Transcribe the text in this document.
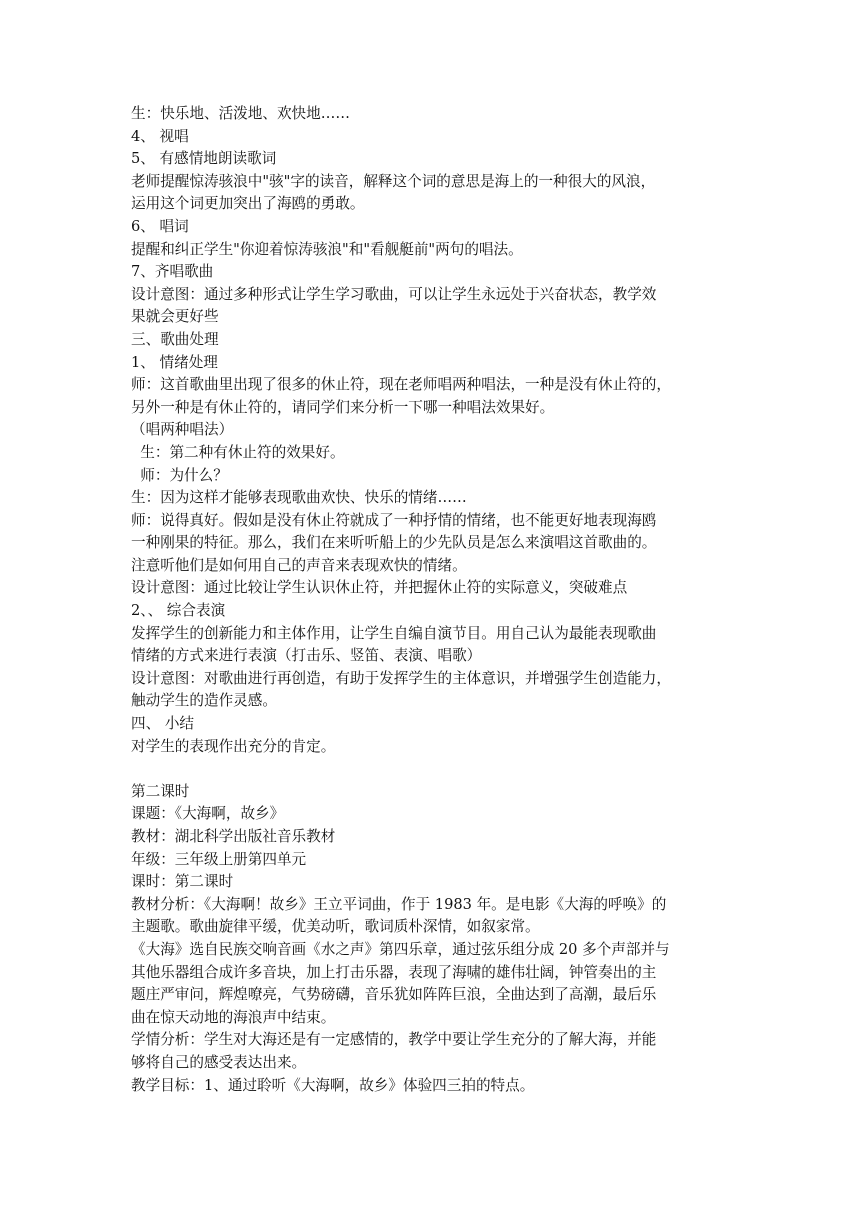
生：快乐地、活泼地、欢快地……
4、 视唱
5、 有感情地朗读歌词
老师提醒惊涛骇浪中"骇"字的读音，解释这个词的意思是海上的一种很大的风浪，
运用这个词更加突出了海鸥的勇敢。
6、 唱词
提醒和纠正学生"你迎着惊涛骇浪"和"看舰艇前"两句的唱法。
7、齐唱歌曲
设计意图：通过多种形式让学生学习歌曲，可以让学生永远处于兴奋状态，教学效
果就会更好些
三、歌曲处理
1、 情绪处理
师：这首歌曲里出现了很多的休止符，现在老师唱两种唱法，一种是没有休止符的，
另外一种是有休止符的，请同学们来分析一下哪一种唱法效果好。
（唱两种唱法）
生：第二种有休止符的效果好。
师：为什么？
生：因为这样才能够表现歌曲欢快、快乐的情绪……
师：说得真好。假如是没有休止符就成了一种抒情的情绪，也不能更好地表现海鸥
一种刚果的特征。那么，我们在来听听船上的少先队员是怎么来演唱这首歌曲的。
注意听他们是如何用自己的声音来表现欢快的情绪。
设计意图：通过比较让学生认识休止符，并把握休止符的实际意义，突破难点
2、、 综合表演
发挥学生的创新能力和主体作用，让学生自编自演节目。用自己认为最能表现歌曲
情绪的方式来进行表演（打击乐、竖笛、表演、唱歌）
设计意图：对歌曲进行再创造，有助于发挥学生的主体意识，并增强学生创造能力，
触动学生的造作灵感。
四、 小结
对学生的表现作出充分的肯定。
第二课时
课题：《大海啊，故乡》
教材：湖北科学出版社音乐教材
年级：三年级上册第四单元
课时：第二课时
教材分析：《大海啊！故乡》王立平词曲，作于 1983 年。是电影《大海的呼唤》的
主题歌。歌曲旋律平缓，优美动听，歌词质朴深情，如叙家常。
《大海》选自民族交响音画《水之声》第四乐章，通过弦乐组分成 20 多个声部并与
其他乐器组合成许多音块，加上打击乐器，表现了海啸的雄伟壮阔，钟管奏出的主
题庄严审问，辉煌嘹亮，气势磅礴，音乐犹如阵阵巨浪，全曲达到了高潮，最后乐
曲在惊天动地的海浪声中结束。
学情分析：学生对大海还是有一定感情的，教学中要让学生充分的了解大海，并能
够将自己的感受表达出来。
教学目标：1、通过聆听《大海啊，故乡》体验四三拍的特点。
